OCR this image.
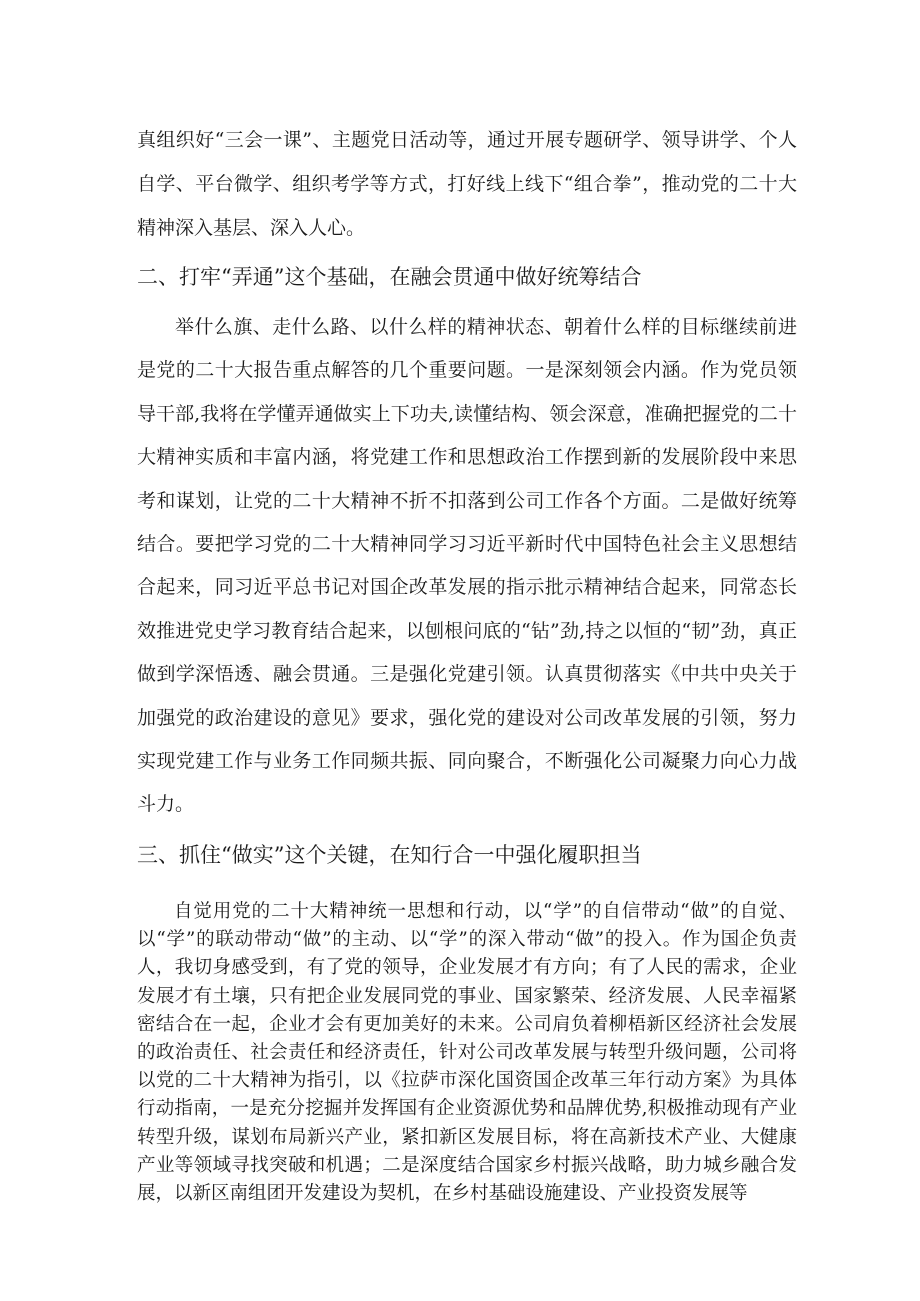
真组织好“三会一课”、主题党日活动等，通过开展专题研学、领导讲学、个人自学、平台微学、组织考学等方式，打好线上线下“组合拳”，推动党的二十大精神深入基层、深入人心。

二、打牢“弄通”这个基础，在融会贯通中做好统筹结合

举什么旗、走什么路、以什么样的精神状态、朝着什么样的目标继续前进是党的二十大报告重点解答的几个重要问题。一是深刻领会内涵。作为党员领导干部,我将在学懂弄通做实上下功夫,读懂结构、领会深意，准确把握党的二十大精神实质和丰富内涵，将党建工作和思想政治工作摆到新的发展阶段中来思考和谋划，让党的二十大精神不折不扣落到公司工作各个方面。二是做好统筹结合。要把学习党的二十大精神同学习习近平新时代中国特色社会主义思想结合起来，同习近平总书记对国企改革发展的指示批示精神结合起来，同常态长效推进党史学习教育结合起来，以刨根问底的“钻”劲,持之以恒的“韧”劲，真正做到学深悟透、融会贯通。三是强化党建引领。认真贯彻落实《中共中央关于加强党的政治建设的意见》要求，强化党的建设对公司改革发展的引领，努力实现党建工作与业务工作同频共振、同向聚合，不断强化公司凝聚力向心力战斗力。

三、抓住“做实”这个关键，在知行合一中强化履职担当

自觉用党的二十大精神统一思想和行动，以“学”的自信带动“做”的自觉、以“学”的联动带动“做”的主动、以“学”的深入带动“做”的投入。作为国企负责人，我切身感受到，有了党的领导，企业发展才有方向；有了人民的需求，企业发展才有土壤，只有把企业发展同党的事业、国家繁荣、经济发展、人民幸福紧密结合在一起，企业才会有更加美好的未来。公司肩负着柳梧新区经济社会发展的政治责任、社会责任和经济责任，针对公司改革发展与转型升级问题，公司将以党的二十大精神为指引，以《拉萨市深化国资国企改革三年行动方案》为具体行动指南，一是充分挖掘并发挥国有企业资源优势和品牌优势,积极推动现有产业转型升级，谋划布局新兴产业，紧扣新区发展目标，将在高新技术产业、大健康产业等领域寻找突破和机遇；二是深度结合国家乡村振兴战略，助力城乡融合发展，以新区南组团开发建设为契机，在乡村基础设施建设、产业投资发展等
